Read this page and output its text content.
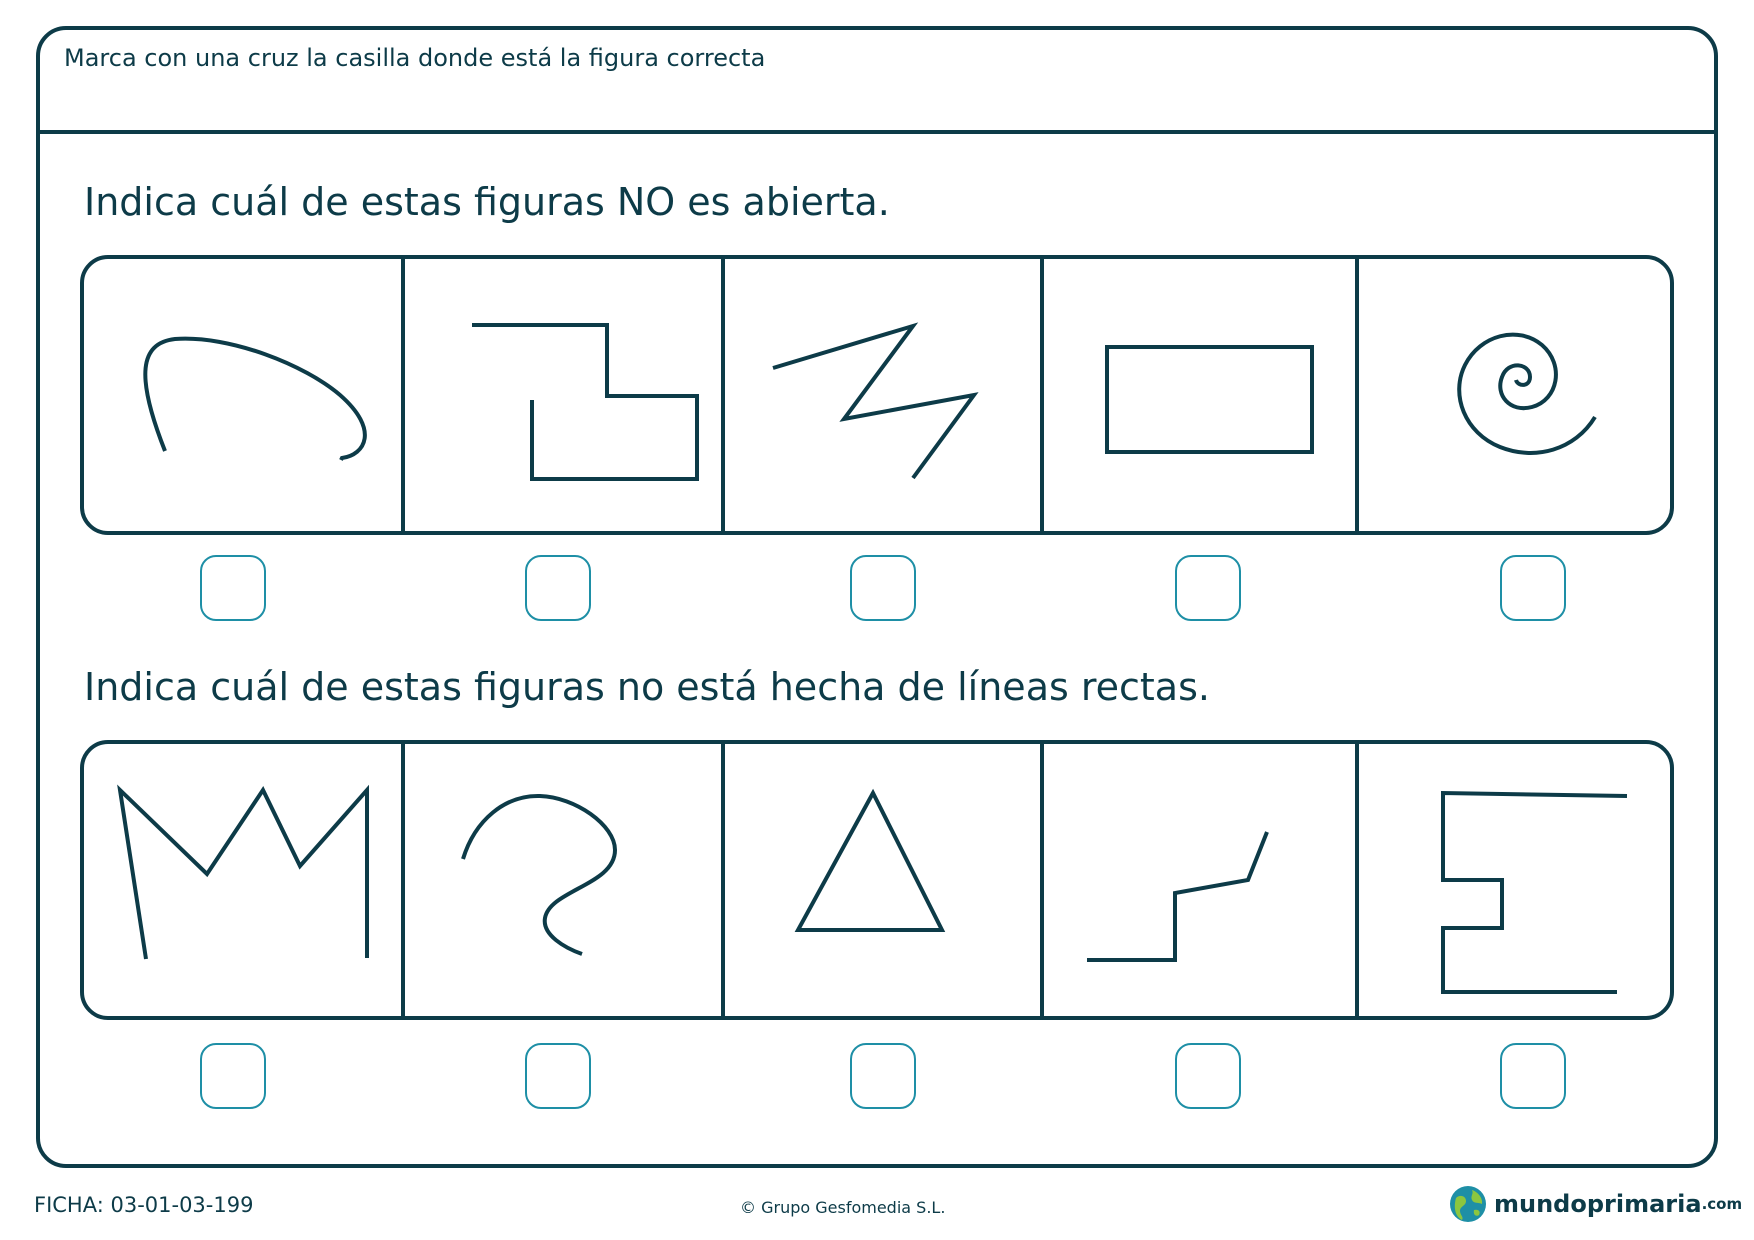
Marca con una cruz la casilla donde está la figura correcta
Indica cuál de estas figuras NO es abierta.
Indica cuál de estas figuras no está hecha de líneas rectas.
FICHA: 03-01-03-199	© Grupo Gesfomedia S.L.	mundoprimaria .com
